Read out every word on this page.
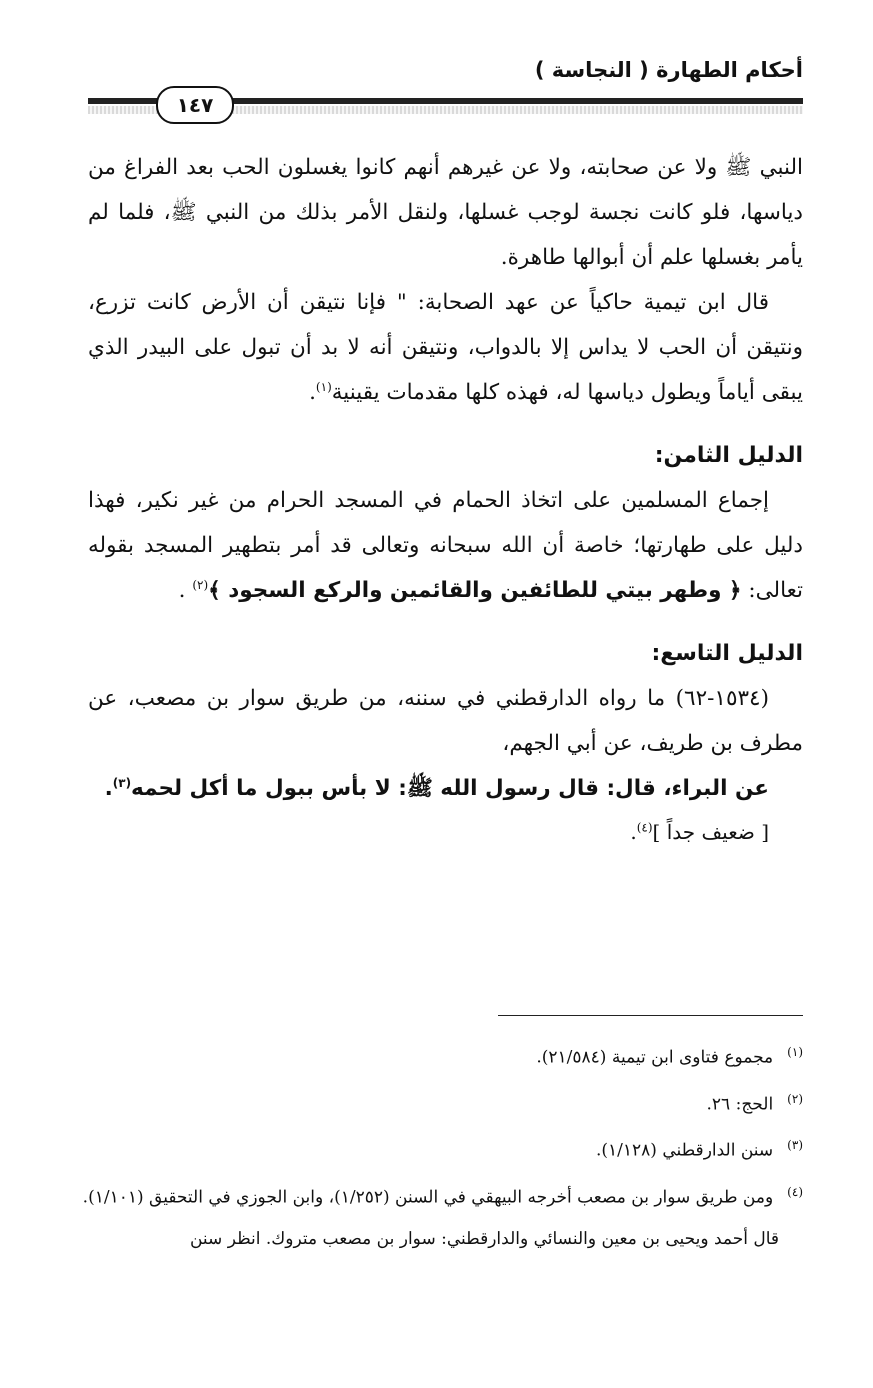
أحكام الطهارة ( النجاسة )
١٤٧

النبي ﷺ ولا عن صحابته، ولا عن غيرهم أنهم كانوا يغسلون الحب بعد الفراغ من دياسها، فلو كانت نجسة لوجب غسلها، ولنقل الأمر بذلك من النبي ﷺ، فلما لم يأمر بغسلها علم أن أبوالها طاهرة.

قال ابن تيمية حاكياً عن عهد الصحابة: " فإنا نتيقن أن الأرض كانت تزرع، ونتيقن أن الحب لا يداس إلا بالدواب، ونتيقن أنه لا بد أن تبول على البيدر الذي يبقى أياماً ويطول دياسها له، فهذه كلها مقدمات يقينية$^{(١)}$.

الدليل الثامن:

إجماع المسلمين على اتخاذ الحمام في المسجد الحرام من غير نكير، فهذا دليل على طهارتها؛ خاصة أن الله سبحانه وتعالى قد أمر بتطهير المسجد بقوله تعالى: ﴿ وطهر بيتي للطائفين والقائمين والركع السجود ﴾$^{(٢)}$ .

الدليل التاسع:

(١٥٣٤-٦٢) ما رواه الدارقطني في سننه، من طريق سوار بن مصعب، عن مطرف بن طريف، عن أبي الجهم،

عن البراء، قال: قال رسول الله ﷺ: لا بأس ببول ما أكل لحمه$^{(٣)}$.

[ ضعيف جداً ]$^{(٤)}$.

$^{(١)}$مجموع فتاوى ابن تيمية (٢١/٥٨٤).

$^{(٢)}$الحج: ٢٦.

$^{(٣)}$سنن الدارقطني (١/١٢٨).

$^{(٤)}$ومن طريق سوار بن مصعب أخرجه البيهقي في السنن (١/٢٥٢)، وابن الجوزي في التحقيق (١/١٠١).

قال أحمد ويحيى بن معين والنسائي والدارقطني: سوار بن مصعب متروك. انظر سنن
